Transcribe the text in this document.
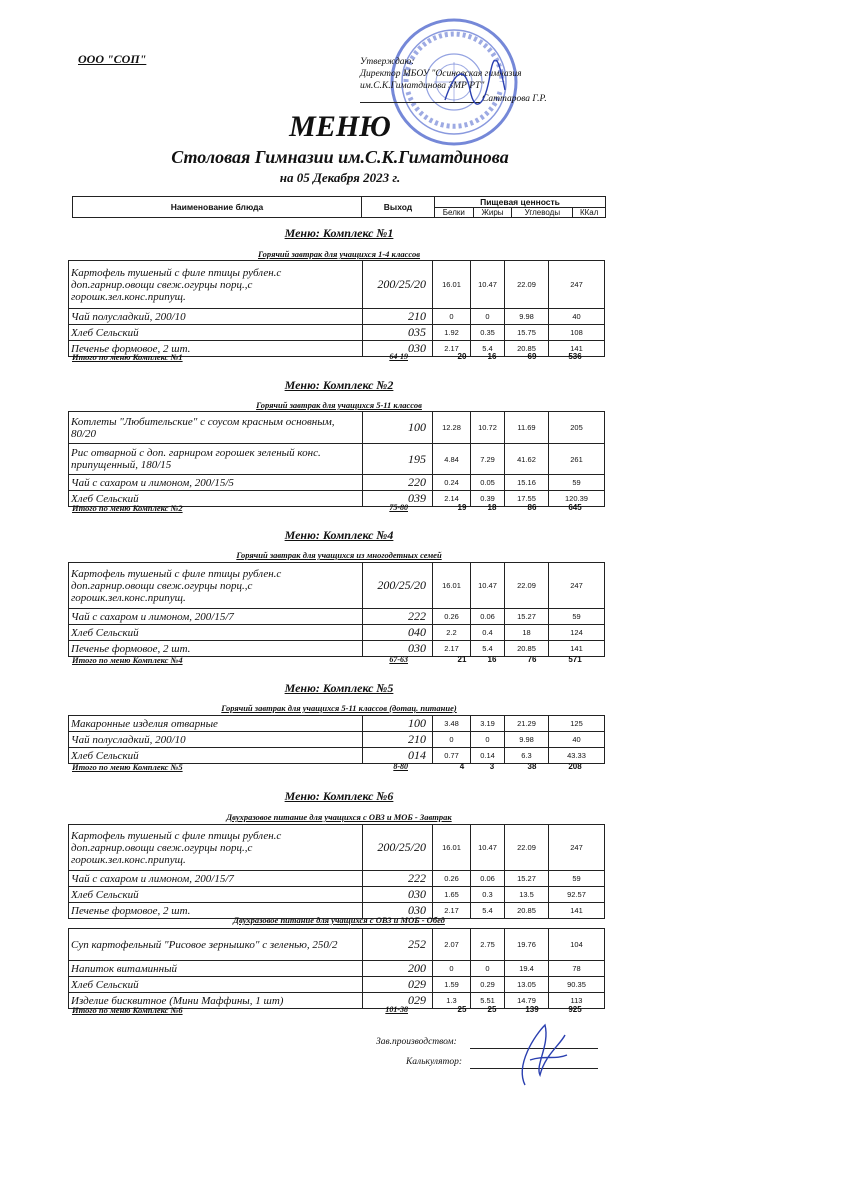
ООО "СОП"	Утверждаю:
Директор МБОУ "Осиновская гимназия
им.С.К.Гиматдинова ЗМР РТ"
Саттарова Г.Р.
МЕНЮ
Столовая Гимназии им.С.К.Гиматдинова
на 05 Декабря 2023 г.
Наименование блюда	Выход	Пищевая ценность			
		Белки	Жиры	Углеводы	ККал
Меню: Комплекс №1
Горячий завтрак для учащихся 1-4 классов
Картофель тушеный с филе птицы рублен.с доп.гарнир.овощи свеж.огурцы порц.,с горошк.зел.конс.припущ.	200/25/20	16.01	10.47	22.09	247
Чай полусладкий, 200/10	210	0	0	9.98	40
Хлеб Сельский	035	1.92	0.35	15.75	108
Печенье формовое, 2 шт.	030	2.17	5.4	20.85	141
Итого по меню Комплекс №1	64-19	20	16	69	536
Меню: Комплекс №2
Горячий завтрак для учащихся 5-11 классов
Котлеты "Любительские" с соусом красным основным, 80/20	100	12.28	10.72	11.69	205
Рис отварной с доп. гарниром горошек зеленый конс. припущенный, 180/15	195	4.84	7.29	41.62	261
Чай с сахаром и лимоном, 200/15/5	220	0.24	0.05	15.16	59
Хлеб Сельский	039	2.14	0.39	17.55	120.39
Итого по меню Комплекс №2	75-80	19	18	86	645
Меню: Комплекс №4
Горячий завтрак для учащихся из многодетных семей
Картофель тушеный с филе птицы рублен.с доп.гарнир.овощи свеж.огурцы порц.,с горошк.зел.конс.припущ.	200/25/20	16.01	10.47	22.09	247
Чай с сахаром и лимоном, 200/15/7	222	0.26	0.06	15.27	59
Хлеб Сельский	040	2.2	0.4	18	124
Печенье формовое, 2 шт.	030	2.17	5.4	20.85	141
Итого по меню Комплекс №4	67-63	21	16	76	571
Меню: Комплекс №5
Горячий завтрак для учащихся 5-11 классов (дотац. питание)
Макаронные изделия отварные	100	3.48	3.19	21.29	125
Чай полусладкий, 200/10	210	0	0	9.98	40
Хлеб Сельский	014	0.77	0.14	6.3	43.33
Итого по меню Комплекс №5	8-80	4	3	38	208
Меню: Комплекс №6
Двухразовое питание для учащихся с ОВЗ и МОБ - Завтрак
Картофель тушеный с филе птицы рублен.с доп.гарнир.овощи свеж.огурцы порц.,с горошк.зел.конс.припущ.	200/25/20	16.01	10.47	22.09	247
Чай с сахаром и лимоном, 200/15/7	222	0.26	0.06	15.27	59
Хлеб Сельский	030	1.65	0.3	13.5	92.57
Печенье формовое, 2 шт.	030	2.17	5.4	20.85	141
Двухразовое питание для учащихся с ОВЗ и МОБ - Обед
Суп картофельный "Рисовое зернышко" с зеленью, 250/2	252	2.07	2.75	19.76	104
Напиток витаминный	200	0	0	19.4	78
Хлеб Сельский	029	1.59	0.29	13.05	90.35
Изделие бисквитное (Мини Маффины, 1 шт)	029	1.3	5.51	14.79	113
Итого по меню Комплекс №6	101-38	25	25	139	925
Зав.производством:
Калькулятор:
